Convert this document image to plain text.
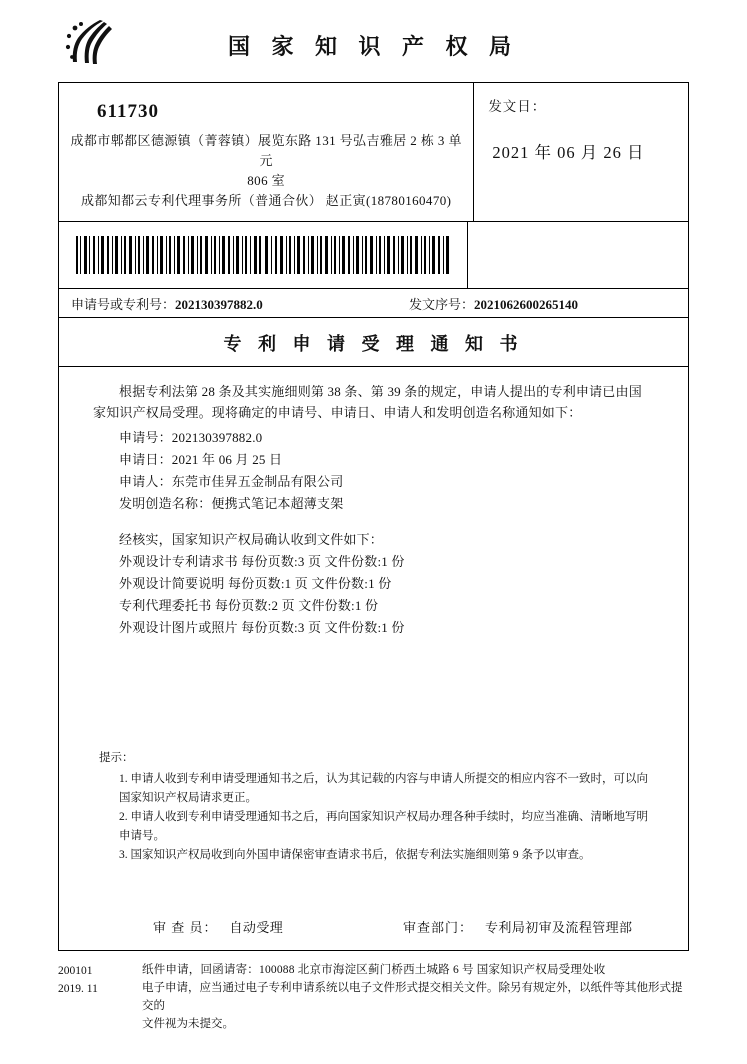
国 家 知 识 产 权 局
611730
成都市郫都区德源镇（菁蓉镇）展览东路 131 号弘吉雅居 2 栋 3 单元
806 室
成都知都云专利代理事务所（普通合伙） 赵正寅(18780160470)
发文日：
2021 年 06 月 26 日
申请号或专利号：202130397882.0	发文序号：2021062600265140
专 利 申 请 受 理 通 知 书

根据专利法第 28 条及其实施细则第 38 条、第 39 条的规定，申请人提出的专利申请已由国家知识产权局受理。现将确定的申请号、申请日、申请人和发明创造名称通知如下：

申请号：202130397882.0
申请日：2021 年 06 月 25 日
申请人：东莞市佳昇五金制品有限公司
发明创造名称：便携式笔记本超薄支架
经核实，国家知识产权局确认收到文件如下：
外观设计专利请求书 每份页数:3 页 文件份数:1 份
外观设计简要说明 每份页数:1 页 文件份数:1 份
专利代理委托书 每份页数:2 页 文件份数:1 份
外观设计图片或照片 每份页数:3 页 文件份数:1 份
提示：
1. 申请人收到专利申请受理通知书之后，认为其记载的内容与申请人所提交的相应内容不一致时，可以向国家知识产权局请求更正。
2. 申请人收到专利申请受理通知书之后，再向国家知识产权局办理各种手续时，均应当准确、清晰地写明申请号。
3. 国家知识产权局收到向外国申请保密审查请求书后，依据专利法实施细则第 9 条予以审查。
审 查 员： 自动受理	审查部门： 专利局初审及流程管理部
200101
2019. 11
纸件申请，回函请寄：100088 北京市海淀区蓟门桥西土城路 6 号 国家知识产权局受理处收
电子申请，应当通过电子专利申请系统以电子文件形式提交相关文件。除另有规定外，以纸件等其他形式提交的
文件视为未提交。
